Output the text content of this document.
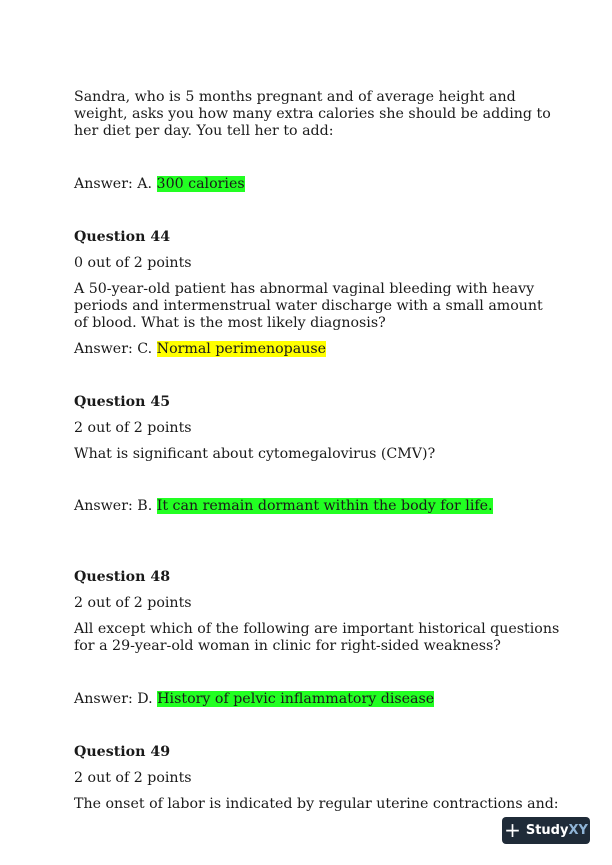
Sandra, who is 5 months pregnant and of average height and
weight, asks you how many extra calories she should be adding to
her diet per day. You tell her to add:
Answer: A. 300 calories
Question 44
0 out of 2 points
A 50-year-old patient has abnormal vaginal bleeding with heavy
periods and intermenstrual water discharge with a small amount
of blood. What is the most likely diagnosis?
Answer: C. Normal perimenopause
Question 45
2 out of 2 points
What is significant about cytomegalovirus (CMV)?
Answer: B. It can remain dormant within the body for life.
Question 48
2 out of 2 points
All except which of the following are important historical questions
for a 29-year-old woman in clinic for right-sided weakness?
Answer: D. History of pelvic inflammatory disease
Question 49
2 out of 2 points
The onset of labor is indicated by regular uterine contractions and:
+ Study XY
